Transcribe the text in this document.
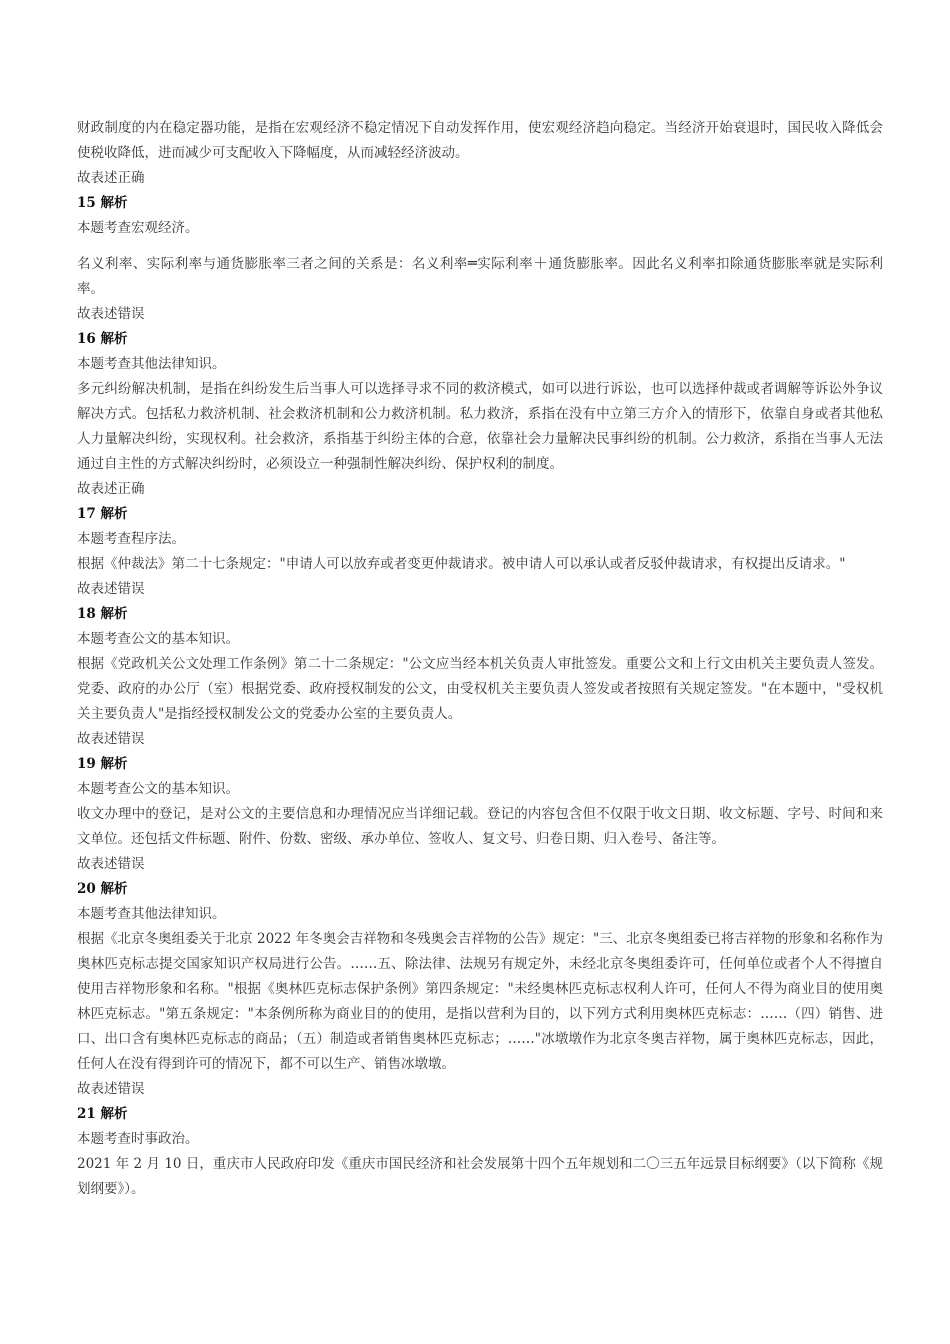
财政制度的内在稳定器功能，是指在宏观经济不稳定情况下自动发挥作用，使宏观经济趋向稳定。当经济开始衰退时，国民收入降低会使税收降低，进而减少可支配收入下降幅度，从而减轻经济波动。

故表述正确

15 解析

本题考查宏观经济。

名义利率、实际利率与通货膨胀率三者之间的关系是：名义利率═实际利率＋通货膨胀率。因此名义利率扣除通货膨胀率就是实际利率。

故表述错误

16 解析

本题考查其他法律知识。

多元纠纷解决机制，是指在纠纷发生后当事人可以选择寻求不同的救济模式，如可以进行诉讼，也可以选择仲裁或者调解等诉讼外争议解决方式。包括私力救济机制、社会救济机制和公力救济机制。私力救济，系指在没有中立第三方介入的情形下，依靠自身或者其他私人力量解决纠纷，实现权利。社会救济，系指基于纠纷主体的合意，依靠社会力量解决民事纠纷的机制。公力救济，系指在当事人无法通过自主性的方式解决纠纷时，必须设立一种强制性解决纠纷、保护权利的制度。

故表述正确

17 解析

本题考查程序法。

根据《仲裁法》第二十七条规定："申请人可以放弃或者变更仲裁请求。被申请人可以承认或者反驳仲裁请求，有权提出反请求。"

故表述错误

18 解析

本题考查公文的基本知识。

根据《党政机关公文处理工作条例》第二十二条规定："公文应当经本机关负责人审批签发。重要公文和上行文由机关主要负责人签发。党委、政府的办公厅（室）根据党委、政府授权制发的公文，由受权机关主要负责人签发或者按照有关规定签发。"在本题中，"受权机关主要负责人"是指经授权制发公文的党委办公室的主要负责人。

故表述错误

19 解析

本题考查公文的基本知识。

收文办理中的登记，是对公文的主要信息和办理情况应当详细记载。登记的内容包含但不仅限于收文日期、收文标题、字号、时间和来文单位。还包括文件标题、附件、份数、密级、承办单位、签收人、复文号、归卷日期、归入卷号、备注等。

故表述错误

20 解析

本题考查其他法律知识。

根据《北京冬奥组委关于北京 2022 年冬奥会吉祥物和冬残奥会吉祥物的公告》规定："三、北京冬奥组委已将吉祥物的形象和名称作为奥林匹克标志提交国家知识产权局进行公告。……五、除法律、法规另有规定外，未经北京冬奥组委许可，任何单位或者个人不得擅自使用吉祥物形象和名称。"根据《奥林匹克标志保护条例》第四条规定："未经奥林匹克标志权利人许可，任何人不得为商业目的使用奥林匹克标志。"第五条规定："本条例所称为商业目的的使用，是指以营利为目的，以下列方式利用奥林匹克标志：……（四）销售、进口、出口含有奥林匹克标志的商品；（五）制造或者销售奥林匹克标志；……"冰墩墩作为北京冬奥吉祥物，属于奥林匹克标志，因此，任何人在没有得到许可的情况下，都不可以生产、销售冰墩墩。

故表述错误

21 解析

本题考查时事政治。

2021 年 2 月 10 日，重庆市人民政府印发《重庆市国民经济和社会发展第十四个五年规划和二〇三五年远景目标纲要》（以下简称《规划纲要》）。
